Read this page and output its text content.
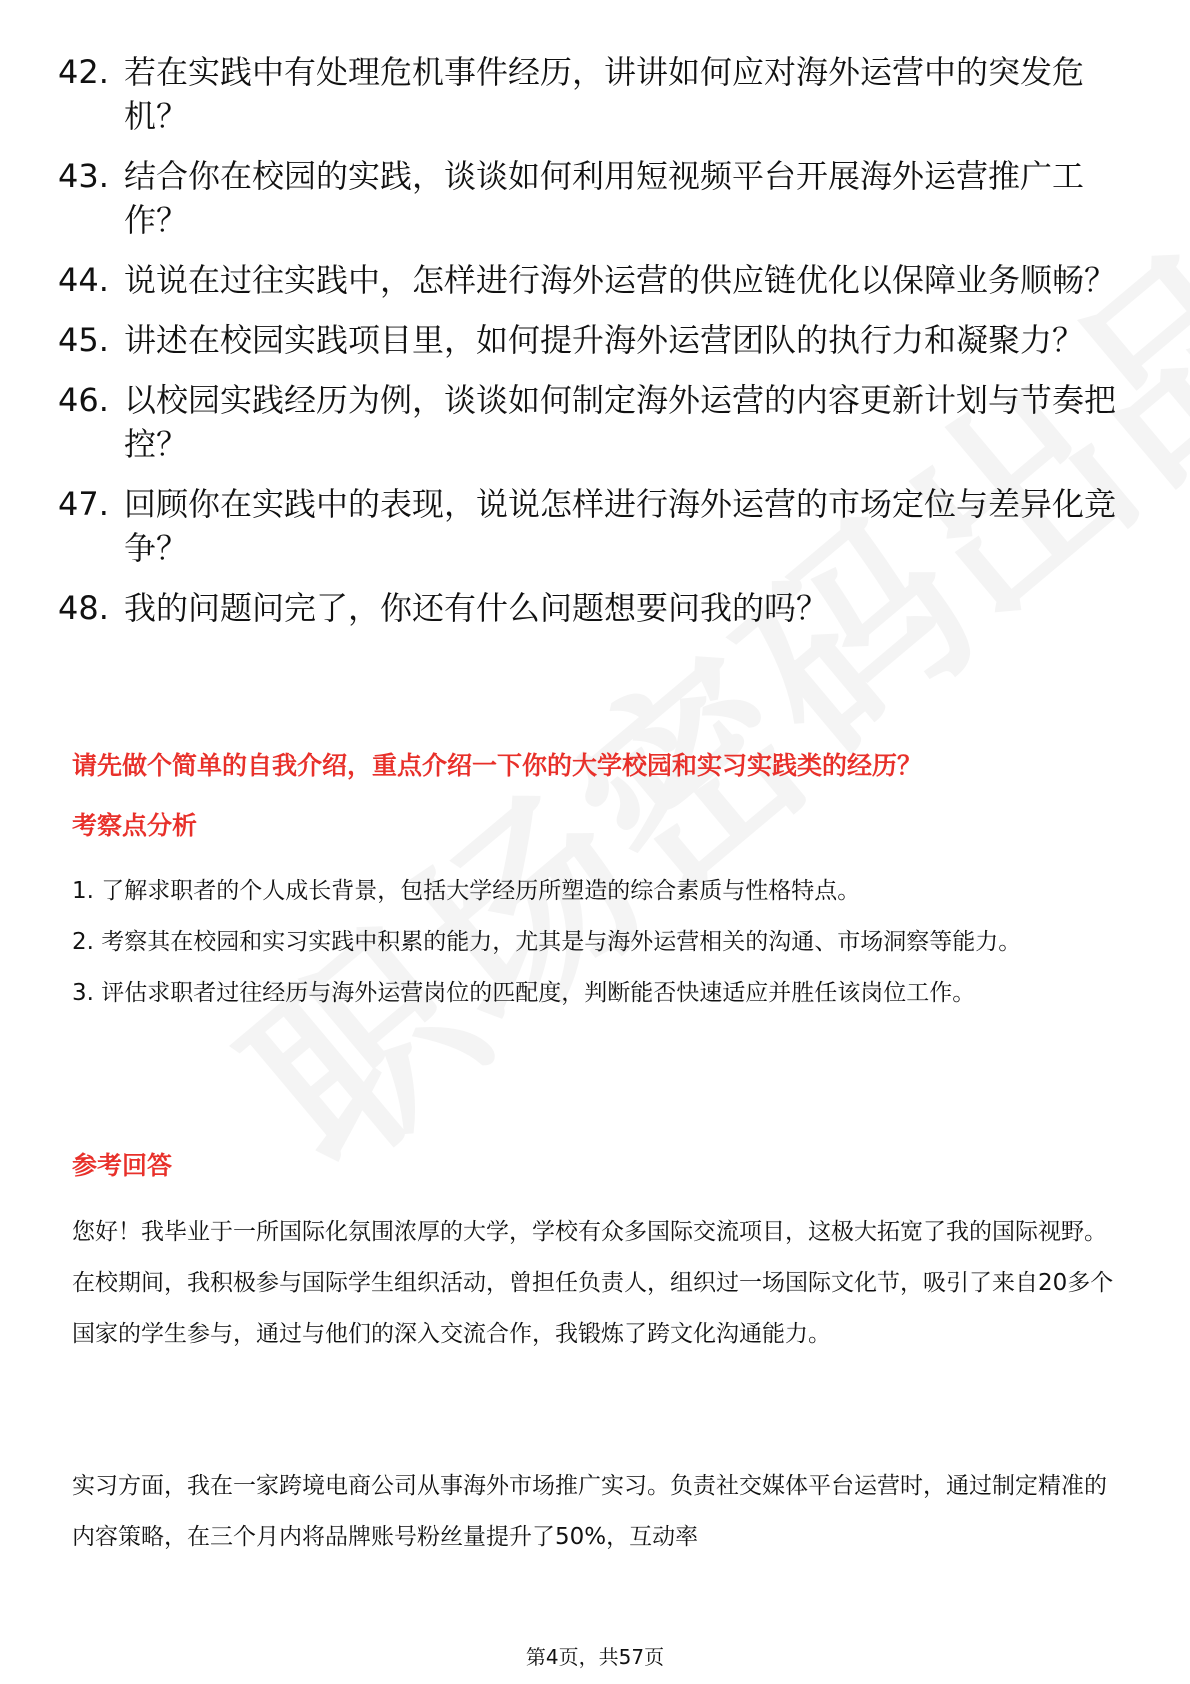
42. 若在实践中有处理危机事件经历，讲讲如何应对海外运营中的突发危机？
43. 结合你在校园的实践，谈谈如何利用短视频平台开展海外运营推广工作？
44. 说说在过往实践中，怎样进行海外运营的供应链优化以保障业务顺畅？
45. 讲述在校园实践项目里，如何提升海外运营团队的执行力和凝聚力？
46. 以校园实践经历为例，谈谈如何制定海外运营的内容更新计划与节奏把控？
47. 回顾你在实践中的表现，说说怎样进行海外运营的市场定位与差异化竞争？
48. 我的问题问完了，你还有什么问题想要问我的吗？
请先做个简单的自我介绍，重点介绍一下你的大学校园和实习实践类的经历？
考察点分析

1. 了解求职者的个人成长背景，包括大学经历所塑造的综合素质与性格特点。

2. 考察其在校园和实习实践中积累的能力，尤其是与海外运营相关的沟通、市场洞察等能力。

3. 评估求职者过往经历与海外运营岗位的匹配度，判断能否快速适应并胜任该岗位工作。

参考回答

您好！我毕业于一所国际化氛围浓厚的大学，学校有众多国际交流项目，这极大拓宽了我的国际视野。在校期间，我积极参与国际学生组织活动，曾担任负责人，组织过一场国际文化节，吸引了来自20多个国家的学生参与，通过与他们的深入交流合作，我锻炼了跨文化沟通能力。

实习方面，我在一家跨境电商公司从事海外市场推广实习。负责社交媒体平台运营时，通过制定精准的内容策略，在三个月内将品牌账号粉丝量提升了50%，互动率

第4页，共57页
